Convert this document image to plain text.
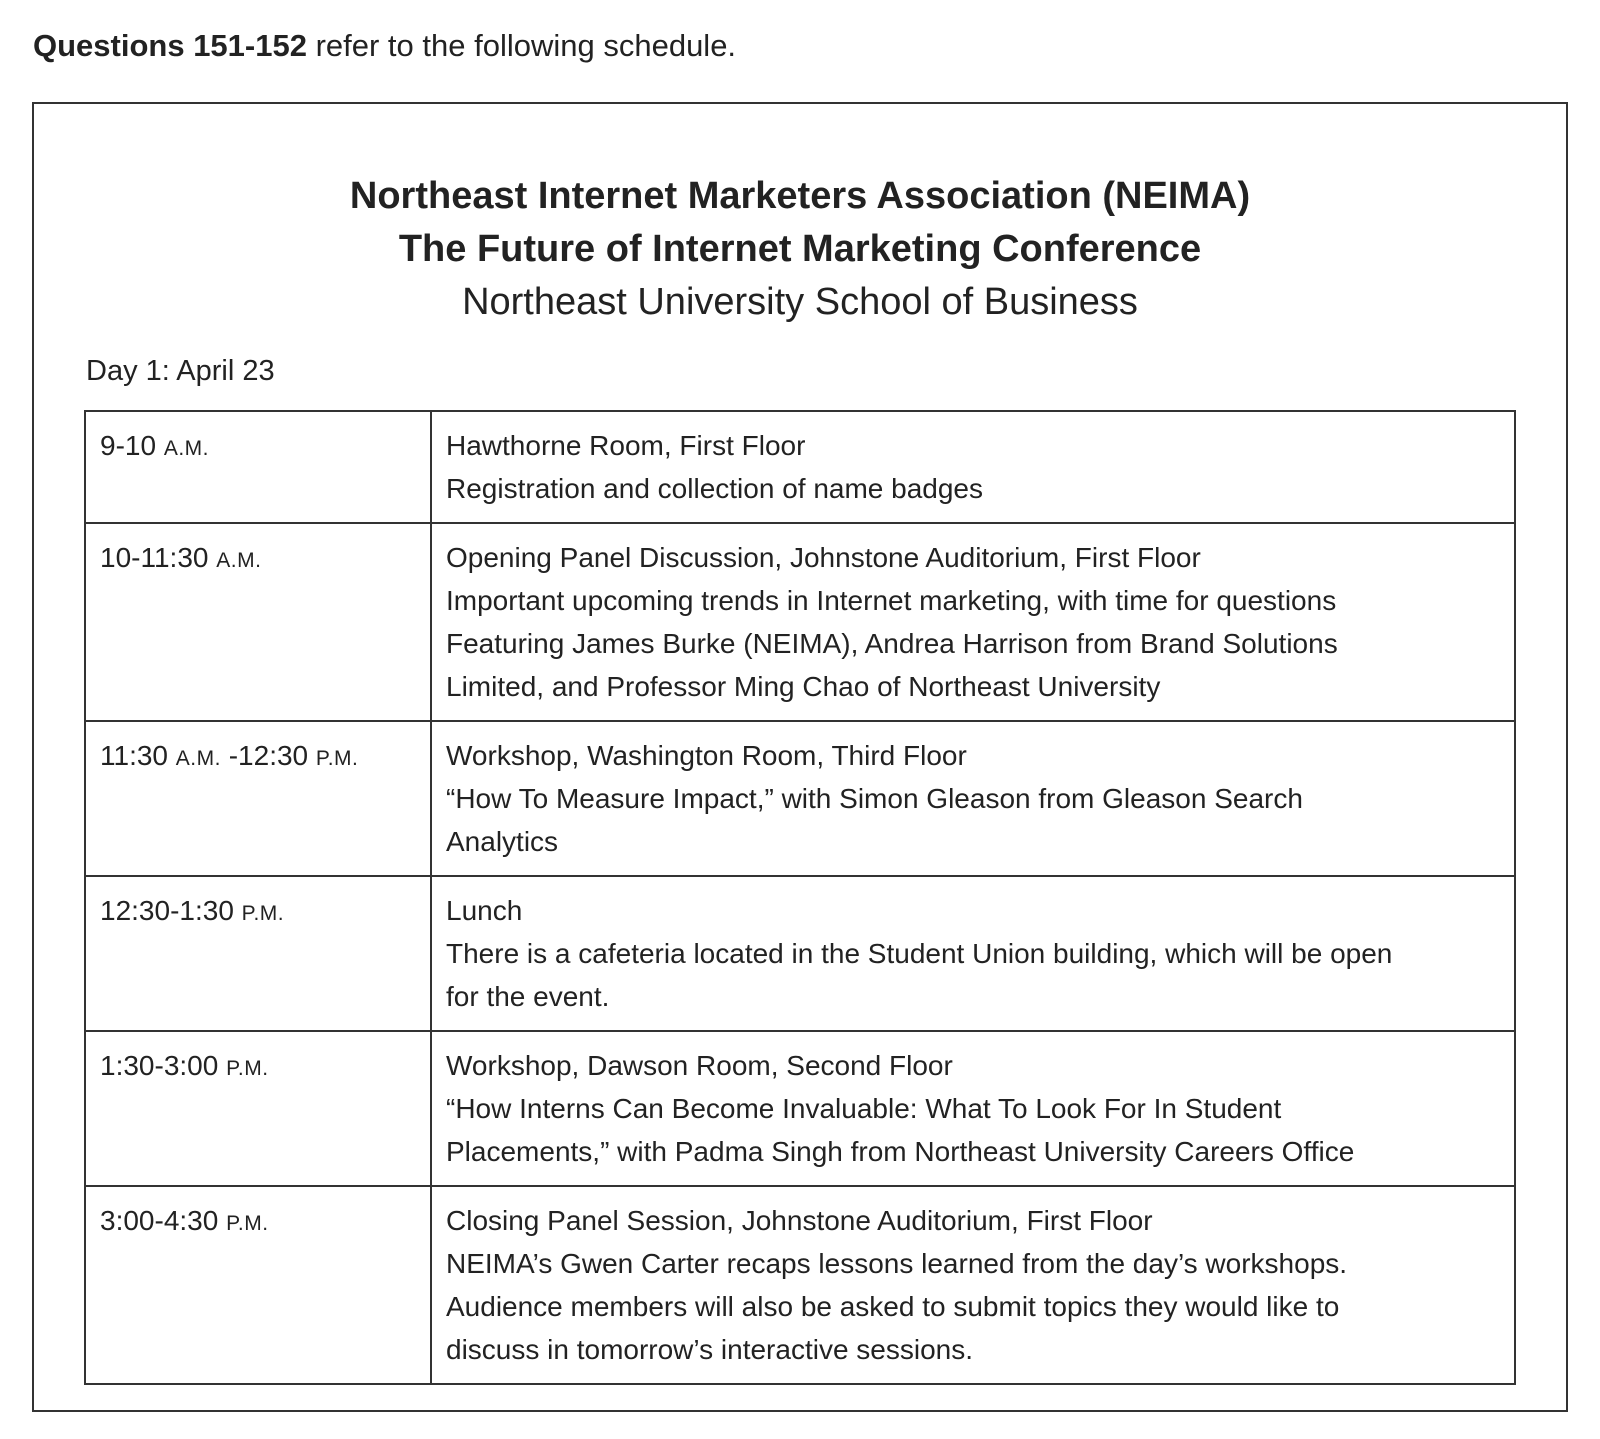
Questions 151-152 refer to the following schedule.
Northeast Internet Marketers Association (NEIMA)
The Future of Internet Marketing Conference
Northeast University School of Business
Day 1: April 23
9-10 A.M.	Hawthorne Room, First Floor
Registration and collection of name badges

10-11:30 A.M.	Opening Panel Discussion, Johnstone Auditorium, First Floor
Important upcoming trends in Internet marketing, with time for questions
Featuring James Burke (NEIMA), Andrea Harrison from Brand Solutions
Limited, and Professor Ming Chao of Northeast University

11:30 A.M. -12:30 P.M.	Workshop, Washington Room, Third Floor
“How To Measure Impact,” with Simon Gleason from Gleason Search
Analytics

12:30-1:30 P.M.	Lunch
There is a cafeteria located in the Student Union building, which will be open
for the event.

1:30-3:00 P.M.	Workshop, Dawson Room, Second Floor
“How Interns Can Become Invaluable: What To Look For In Student
Placements,” with Padma Singh from Northeast University Careers Office

3:00-4:30 P.M.	Closing Panel Session, Johnstone Auditorium, First Floor
NEIMA’s Gwen Carter recaps lessons learned from the day’s workshops.
Audience members will also be asked to submit topics they would like to
discuss in tomorrow’s interactive sessions.
